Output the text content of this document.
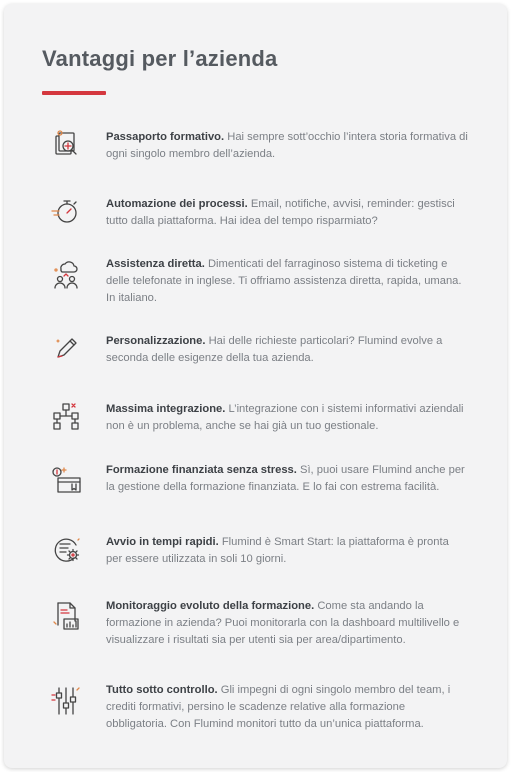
Vantaggi per l’azienda
Passaporto formativo. Hai sempre sott’occhio l’intera storia formativa di ogni singolo membro dell’azienda.
Automazione dei processi. Email, notifiche, avvisi, reminder: gestisci tutto dalla piattaforma. Hai idea del tempo risparmiato?
Assistenza diretta. Dimenticati del farraginoso sistema di ticketing e delle telefonate in inglese. Ti offriamo assistenza diretta, rapida, umana. In italiano.
Personalizzazione. Hai delle richieste particolari? Flumind evolve a seconda delle esigenze della tua azienda.
Massima integrazione. L’integrazione con i sistemi informativi aziendali non è un problema, anche se hai già un tuo gestionale.
Formazione finanziata senza stress. Sì, puoi usare Flumind anche per la gestione della formazione finanziata. E lo fai con estrema facilità.
Avvio in tempi rapidi. Flumind è Smart Start: la piattaforma è pronta per essere utilizzata in soli 10 giorni.
Monitoraggio evoluto della formazione. Come sta andando la formazione in azienda? Puoi monitorarla con la dashboard multilivello e visualizzare i risultati sia per utenti sia per area/dipartimento.
Tutto sotto controllo. Gli impegni di ogni singolo membro del team, i crediti formativi, persino le scadenze relative alla formazione obbligatoria. Con Flumind monitori tutto da un’unica piattaforma.
